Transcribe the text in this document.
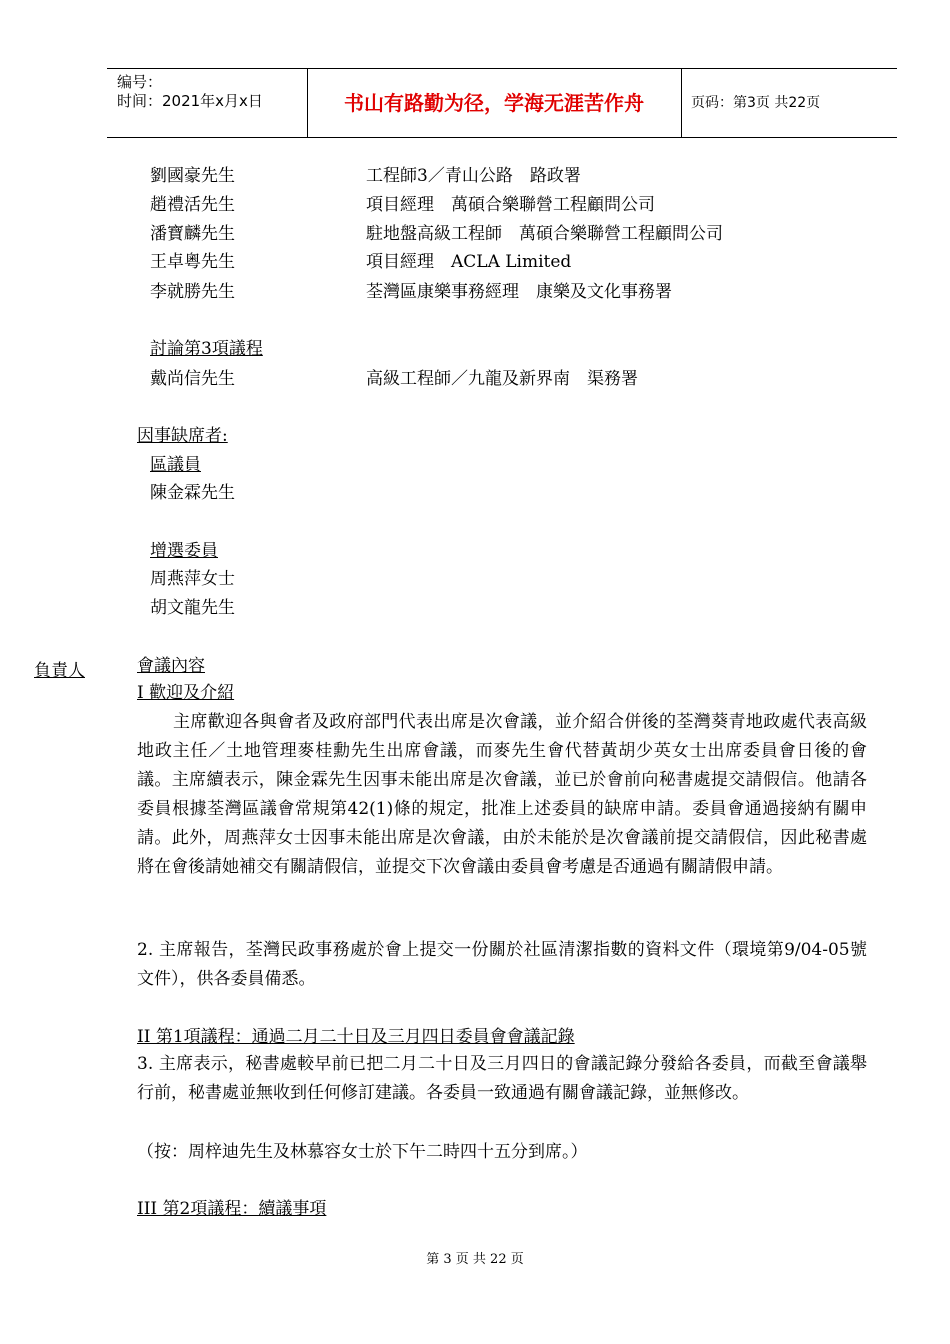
编号：
时间：2021年x月x日	书山有路勤为径，学海无涯苦作舟	页码：第3页 共22页
劉國豪先生	工程師3／青山公路　路政署
趙禮活先生	項目經理　萬碩合樂聯營工程顧問公司
潘寶麟先生	駐地盤高級工程師　萬碩合樂聯營工程顧問公司
王卓粵先生	項目經理　ACLA Limited
李就勝先生	荃灣區康樂事務經理　康樂及文化事務署
討論第3項議程
戴尚信先生	高級工程師／九龍及新界南　渠務署
因事缺席者:
區議員
陳金霖先生
增選委員
周燕萍女士
胡文龍先生
負責人	會議內容
I 歡迎及介紹
主席歡迎各與會者及政府部門代表出席是次會議，並介紹合併後的荃灣葵青地政處代表高級地政主任／土地管理麥桂勳先生出席會議，而麥先生會代替黃胡少英女士出席委員會日後的會議。主席續表示，陳金霖先生因事未能出席是次會議，並已於會前向秘書處提交請假信。他請各委員根據荃灣區議會常規第42(1)條的規定，批准上述委員的缺席申請。委員會通過接納有關申請。此外，周燕萍女士因事未能出席是次會議，由於未能於是次會議前提交請假信，因此秘書處將在會後請她補交有關請假信，並提交下次會議由委員會考慮是否通過有關請假申請。
2. 主席報告，荃灣民政事務處於會上提交一份關於社區清潔指數的資料文件（環境第9/04-05號文件），供各委員備悉。
II 第1項議程：通過二月二十日及三月四日委員會會議記錄
3. 主席表示，秘書處較早前已把二月二十日及三月四日的會議記錄分發給各委員，而截至會議舉行前，秘書處並無收到任何修訂建議。各委員一致通過有關會議記錄，並無修改。
（按：周梓迪先生及林慕容女士於下午二時四十五分到席。）
III 第2項議程：續議事項
第 3 页 共 22 页
